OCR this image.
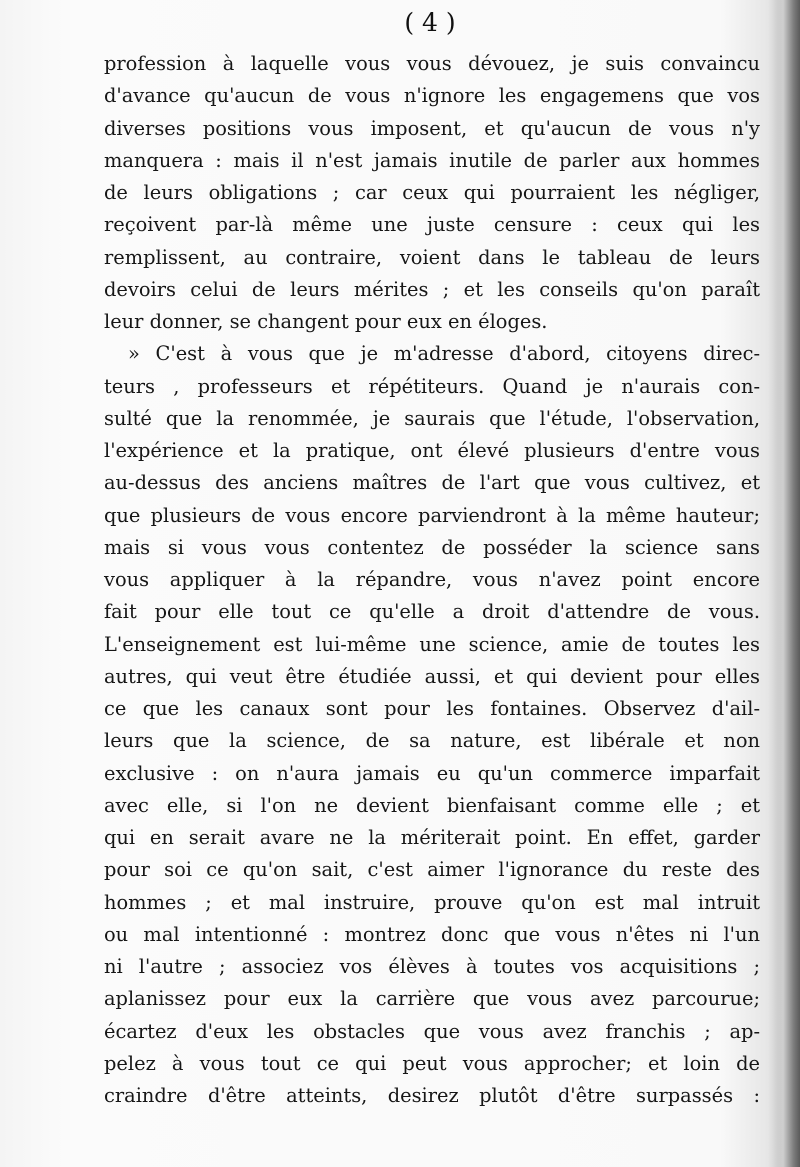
( 4 )
profession à laquelle vous vous dévouez, je suis convaincu
d'avance qu'aucun de vous n'ignore les engagemens que vos
diverses positions vous imposent, et qu'aucun de vous n'y
manquera : mais il n'est jamais inutile de parler aux hommes
de leurs obligations ; car ceux qui pourraient les négliger,
reçoivent par-là même une juste censure : ceux qui les
remplissent, au contraire, voient dans le tableau de leurs
devoirs celui de leurs mérites ; et les conseils qu'on paraît
leur donner, se changent pour eux en éloges.
» C'est à vous que je m'adresse d'abord, citoyens direc-
teurs , professeurs et répétiteurs. Quand je n'aurais con-
sulté que la renommée, je saurais que l'étude, l'observation,
l'expérience et la pratique, ont élevé plusieurs d'entre vous
au-dessus des anciens maîtres de l'art que vous cultivez, et
que plusieurs de vous encore parviendront à la même hauteur;
mais si vous vous contentez de posséder la science sans
vous appliquer à la répandre, vous n'avez point encore
fait pour elle tout ce qu'elle a droit d'attendre de vous.
L'enseignement est lui-même une science, amie de toutes les
autres, qui veut être étudiée aussi, et qui devient pour elles
ce que les canaux sont pour les fontaines. Observez d'ail-
leurs que la science, de sa nature, est libérale et non
exclusive : on n'aura jamais eu qu'un commerce imparfait
avec elle, si l'on ne devient bienfaisant comme elle ; et
qui en serait avare ne la mériterait point. En effet, garder
pour soi ce qu'on sait, c'est aimer l'ignorance du reste des
hommes ; et mal instruire, prouve qu'on est mal intruit
ou mal intentionné : montrez donc que vous n'êtes ni l'un
ni l'autre ; associez vos élèves à toutes vos acquisitions ;
aplanissez pour eux la carrière que vous avez parcourue;
écartez d'eux les obstacles que vous avez franchis ; ap-
pelez à vous tout ce qui peut vous approcher; et loin de
craindre d'être atteints, desirez plutôt d'être surpassés :
